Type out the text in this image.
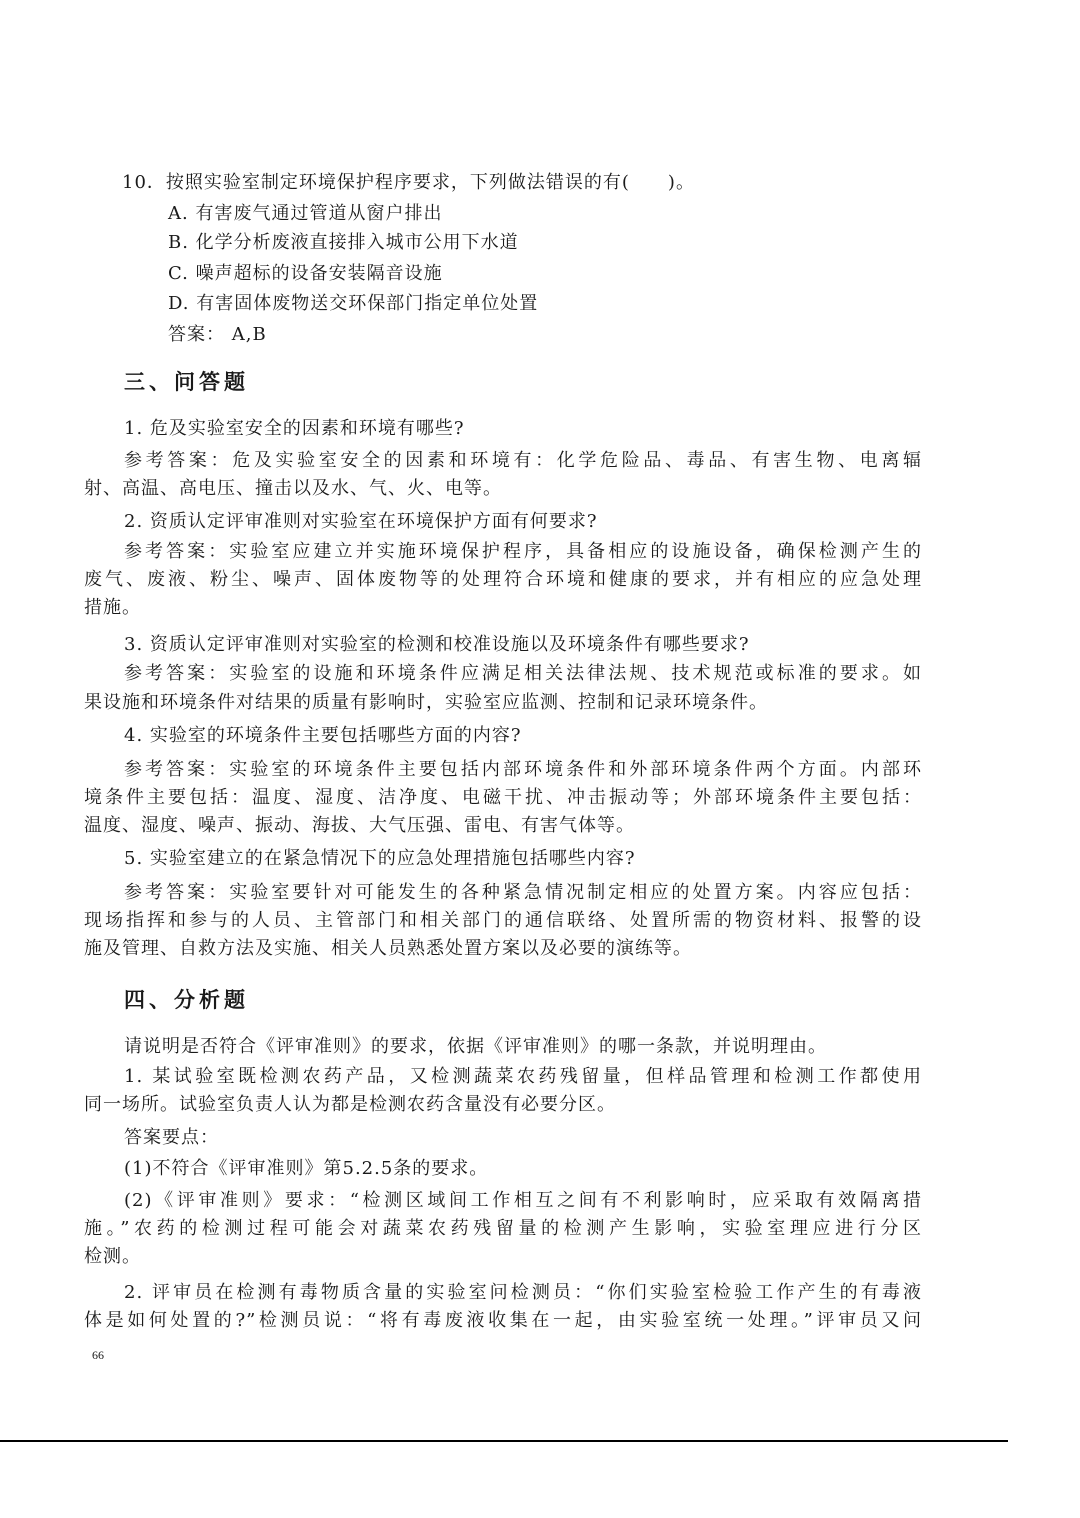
10．按照实验室制定环境保护程序要求，下列做法错误的有(　　)。
A. 有害废气通过管道从窗户排出
B. 化学分析废液直接排入城市公用下水道
C. 噪声超标的设备安装隔音设施
D. 有害固体废物送交环保部门指定单位处置
答案： A,B
三、问答题
1. 危及实验室安全的因素和环境有哪些?
参考答案：危及实验室安全的因素和环境有：化学危险品、毒品、有害生物、电离辐
射、高温、高电压、撞击以及水、气、火、电等。
2. 资质认定评审准则对实验室在环境保护方面有何要求?
参考答案：实验室应建立并实施环境保护程序，具备相应的设施设备，确保检测产生的
废气、废液、粉尘、噪声、固体废物等的处理符合环境和健康的要求，并有相应的应急处理
措施。
3. 资质认定评审准则对实验室的检测和校准设施以及环境条件有哪些要求?
参考答案：实验室的设施和环境条件应满足相关法律法规、技术规范或标准的要求。如
果设施和环境条件对结果的质量有影响时，实验室应监测、控制和记录环境条件。
4. 实验室的环境条件主要包括哪些方面的内容?
参考答案：实验室的环境条件主要包括内部环境条件和外部环境条件两个方面。内部环
境条件主要包括：温度、湿度、洁净度、电磁干扰、冲击振动等；外部环境条件主要包括：
温度、湿度、噪声、振动、海拔、大气压强、雷电、有害气体等。
5. 实验室建立的在紧急情况下的应急处理措施包括哪些内容?
参考答案：实验室要针对可能发生的各种紧急情况制定相应的处置方案。内容应包括：
现场指挥和参与的人员、主管部门和相关部门的通信联络、处置所需的物资材料、报警的设
施及管理、自救方法及实施、相关人员熟悉处置方案以及必要的演练等。
四、分析题
请说明是否符合《评审准则》的要求，依据《评审准则》的哪一条款，并说明理由。
1. 某试验室既检测农药产品，又检测蔬菜农药残留量，但样品管理和检测工作都使用
同一场所。试验室负责人认为都是检测农药含量没有必要分区。
答案要点：
(1)不符合《评审准则》第5.2.5条的要求。
(2)《评审准则》要求：“检测区域间工作相互之间有不利影响时，应采取有效隔离措
施。”农药的检测过程可能会对蔬菜农药残留量的检测产生影响，实验室理应进行分区
检测。
2. 评审员在检测有毒物质含量的实验室问检测员：“你们实验室检验工作产生的有毒液
体是如何处置的?”检测员说：“将有毒废液收集在一起，由实验室统一处理。”评审员又问
66
